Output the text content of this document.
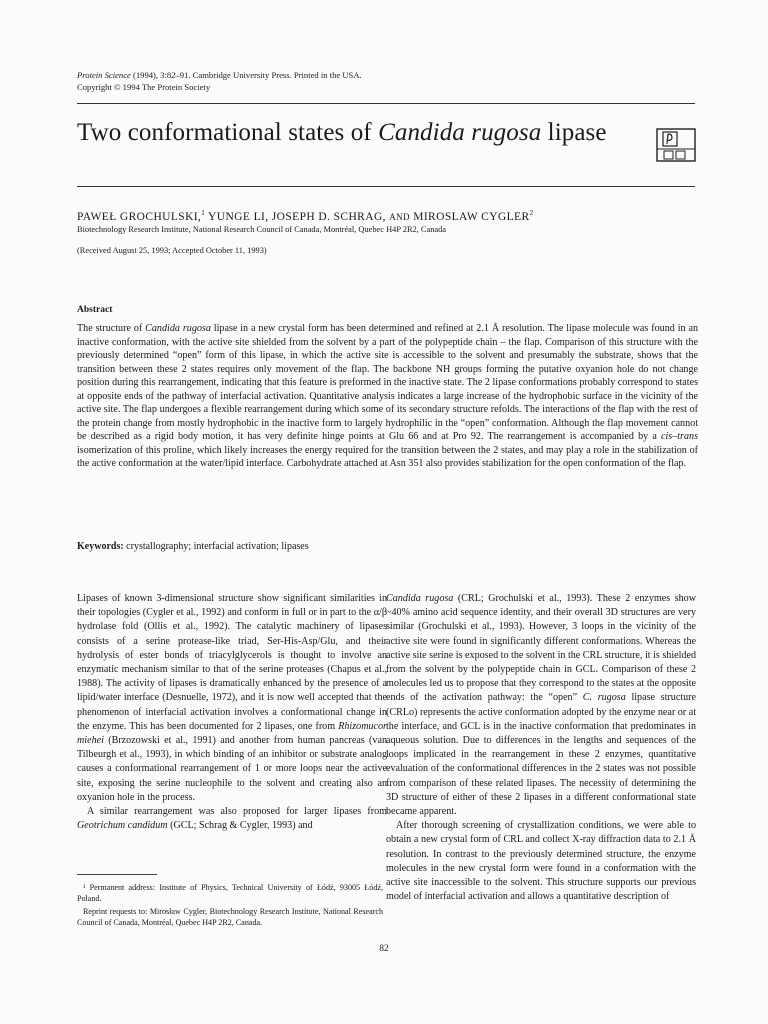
Protein Science (1994), 3:82–91. Cambridge University Press. Printed in the USA.
Copyright © 1994 The Protein Society
Two conformational states of Candida rugosa lipase
PAWEŁ GROCHULSKI,$^1$ YUNGE LI, JOSEPH D. SCHRAG, AND MIROSLAW CYGLER$^2$
Biotechnology Research Institute, National Research Council of Canada, Montréal, Quebec H4P 2R2, Canada
(Received August 25, 1993; Accepted October 11, 1993)
Abstract

The structure of Candida rugosa lipase in a new crystal form has been determined and refined at 2.1 Å resolution. The lipase molecule was found in an inactive conformation, with the active site shielded from the solvent by a part of the polypeptide chain – the flap. Comparison of this structure with the previously determined “open” form of this lipase, in which the active site is accessible to the solvent and presumably the substrate, shows that the transition between these 2 states requires only movement of the flap. The backbone NH groups forming the putative oxyanion hole do not change position during this rearrangement, indicating that this feature is preformed in the inactive state. The 2 lipase conformations probably correspond to states at opposite ends of the pathway of interfacial activation. Quantitative analysis indicates a large increase of the hydrophobic surface in the vicinity of the active site. The flap undergoes a flexible rearrangement during which some of its secondary structure refolds. The interactions of the flap with the rest of the protein change from mostly hydrophobic in the inactive form to largely hydrophilic in the “open” conformation. Although the flap movement cannot be described as a rigid body motion, it has very definite hinge points at Glu 66 and at Pro 92. The rearrangement is accompanied by a cis–trans isomerization of this proline, which likely increases the energy required for the transition between the 2 states, and may play a role in the stabilization of the active conformation at the water/lipid interface. Carbohydrate attached at Asn 351 also provides stabilization for the open conformation of the flap.

Keywords: crystallography; interfacial activation; lipases

Lipases of known 3-dimensional structure show significant similarities in their topologies (Cygler et al., 1992) and conform in full or in part to the α/β hydrolase fold (Ollis et al., 1992). The catalytic machinery of lipases consists of a serine protease-like triad, Ser-His-Asp/Glu, and their hydrolysis of ester bonds of triacylglycerols is thought to involve an enzymatic mechanism similar to that of the serine proteases (Chapus et al., 1988). The activity of lipases is dramatically enhanced by the presence of a lipid/water interface (Desnuelle, 1972), and it is now well accepted that the phenomenon of interfacial activation involves a conformational change in the enzyme. This has been documented for 2 lipases, one from Rhizomucor miehei (Brzozowski et al., 1991) and another from human pancreas (van Tilbeurgh et al., 1993), in which binding of an inhibitor or substrate analog causes a conformational rearrangement of 1 or more loops near the active site, exposing the serine nucleophile to the solvent and creating also an oxyanion hole in the process.

A similar rearrangement was also proposed for larger lipases from Geotrichum candidum (GCL; Schrag & Cygler, 1993) and

Candida rugosa (CRL; Grochulski et al., 1993). These 2 enzymes show ~40% amino acid sequence identity, and their overall 3D structures are very similar (Grochulski et al., 1993). However, 3 loops in the vicinity of the active site were found in significantly different conformations. Whereas the active site serine is exposed to the solvent in the CRL structure, it is shielded from the solvent by the polypeptide chain in GCL. Comparison of these 2 molecules led us to propose that they correspond to the states at the opposite ends of the activation pathway: the “open” C. rugosa lipase structure (CRLo) represents the active conformation adopted by the enzyme near or at the interface, and GCL is in the inactive conformation that predominates in aqueous solution. Due to differences in the lengths and sequences of the loops implicated in the rearrangement in these 2 enzymes, quantitative evaluation of the conformational differences in the 2 states was not possible from comparison of these related lipases. The necessity of determining the 3D structure of either of these 2 lipases in a different conformational state became apparent.

After thorough screening of crystallization conditions, we were able to obtain a new crystal form of CRL and collect X-ray diffraction data to 2.1 Å resolution. In contrast to the previously determined structure, the enzyme molecules in the new crystal form were found in a conformation with the active site inaccessible to the solvent. This structure supports our previous model of interfacial activation and allows a quantitative description of

¹ Permanent address: Institute of Physics, Technical University of Łódź, 93005 Łódź, Poland.

Reprint requests to: Mirosław Cygler, Biotechnology Research Institute, National Research Council of Canada, Montréal, Quebec H4P 2R2, Canada.

82
